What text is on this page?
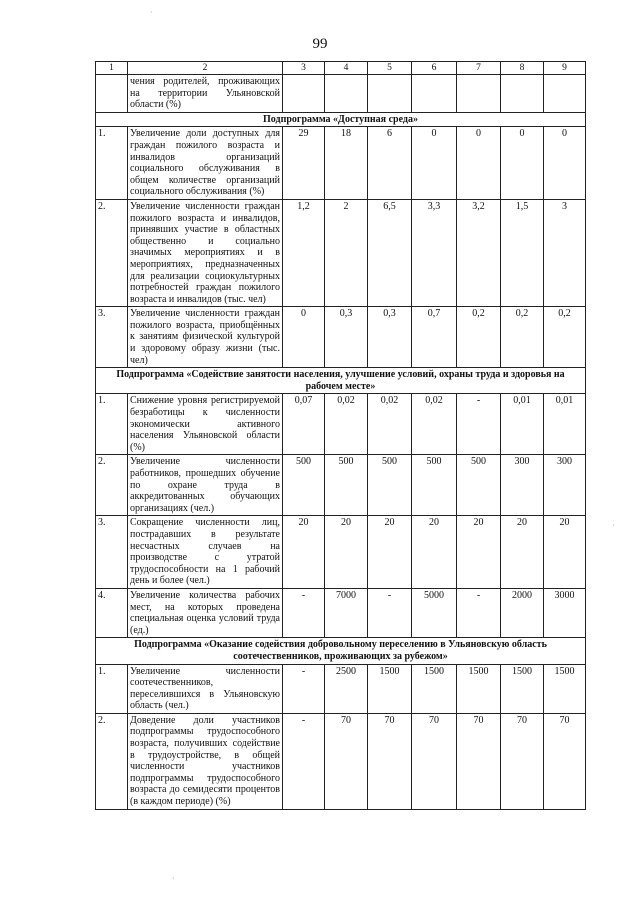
99
1	2	3	4	5	6	7	8	9
	чения родителей, проживающих на территории Ульяновской области (%)							
Подпрограмма «Доступная среда»								
1.	Увеличение доли доступных для граждан пожилого возраста и инвалидов организаций социального обслуживания в общем количестве организаций социального обслуживания (%)	29	18	6	0	0	0	0
2.	Увеличение численности граждан пожилого возраста и инвалидов, принявших участие в областных общественно и социально значимых мероприятиях и в мероприятиях, предназначенных для реализации социокультурных потребностей граждан пожилого возраста и инвалидов (тыс. чел)	1,2	2	6,5	3,3	3,2	1,5	3
3.	Увеличение численности граждан пожилого возраста, приобщённых к занятиям физической культурой и здоровому образу жизни (тыс. чел)	0	0,3	0,3	0,7	0,2	0,2	0,2
Подпрограмма «Содействие занятости населения, улучшение условий, охраны труда и здоровья на рабочем месте»								
1.	Снижение уровня регистрируемой безработицы к численности экономически активного населения Ульяновской области (%)	0,07	0,02	0,02	0,02	-	0,01	0,01
2.	Увеличение численности работников, прошедших обучение по охране труда в аккредитованных обучающих организациях (чел.)	500	500	500	500	500	300	300
3.	Сокращение численности лиц, пострадавших в результате несчастных случаев на производстве с утратой трудоспособности на 1 рабочий день и более (чел.)	20	20	20	20	20	20	20
4.	Увеличение количества рабочих мест, на которых проведена специальная оценка условий труда (ед.)	-	7000	-	5000	-	2000	3000
Подпрограмма «Оказание содействия добровольному переселению в Ульяновскую область соотечественников, проживающих за рубежом»								
1.	Увеличение численности соотечественников, переселившихся в Ульяновскую область (чел.)	-	2500	1500	1500	1500	1500	1500
2.	Доведение доли участников подпрограммы трудоспособного возраста, получивших содействие в трудоустройстве, в общей численности участников подпрограммы трудоспособного возраста до семидесяти процентов (в каждом периоде) (%)	-	70	70	70	70	70	70
·
·
·
